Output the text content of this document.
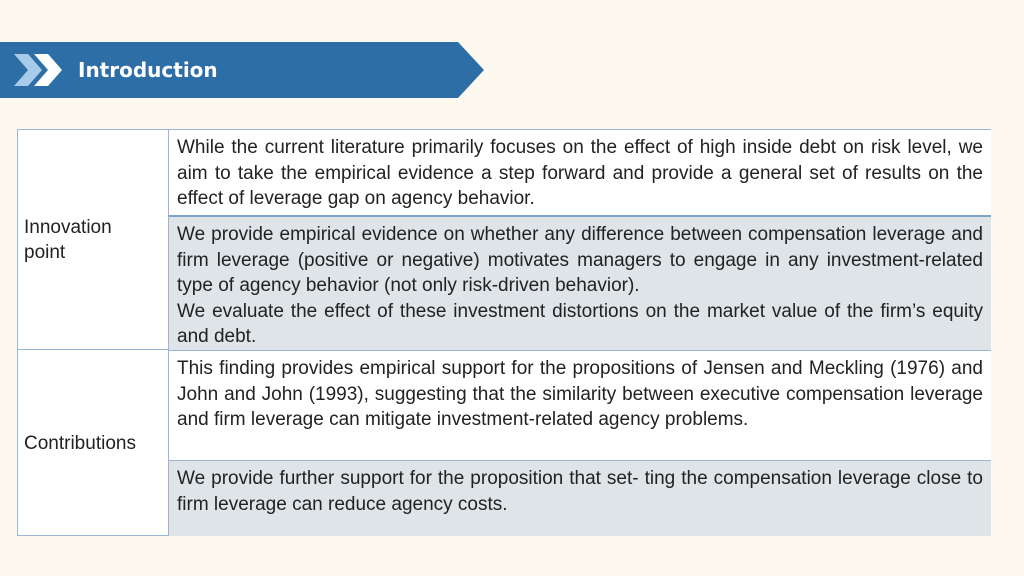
Introduction
Innovation point

While the current literature primarily focuses on the effect of high inside debt on risk level, we aim to take the empirical evidence a step forward and provide a general set of results on the effect of leverage gap on agency behavior.

We provide empirical evidence on whether any difference between compensation leverage and firm leverage (positive or negative) motivates managers to engage in any investment-related type of agency behavior (not only risk-driven behavior).

We evaluate the effect of these investment distortions on the market value of the firm’s equity and debt.

Contributions

This finding provides empirical support for the propositions of Jensen and Meckling (1976) and John and John (1993), suggesting that the similarity between executive compensation leverage and firm leverage can mitigate investment-related agency problems.

We provide further support for the proposition that set- ting the compensation leverage close to firm leverage can reduce agency costs.
